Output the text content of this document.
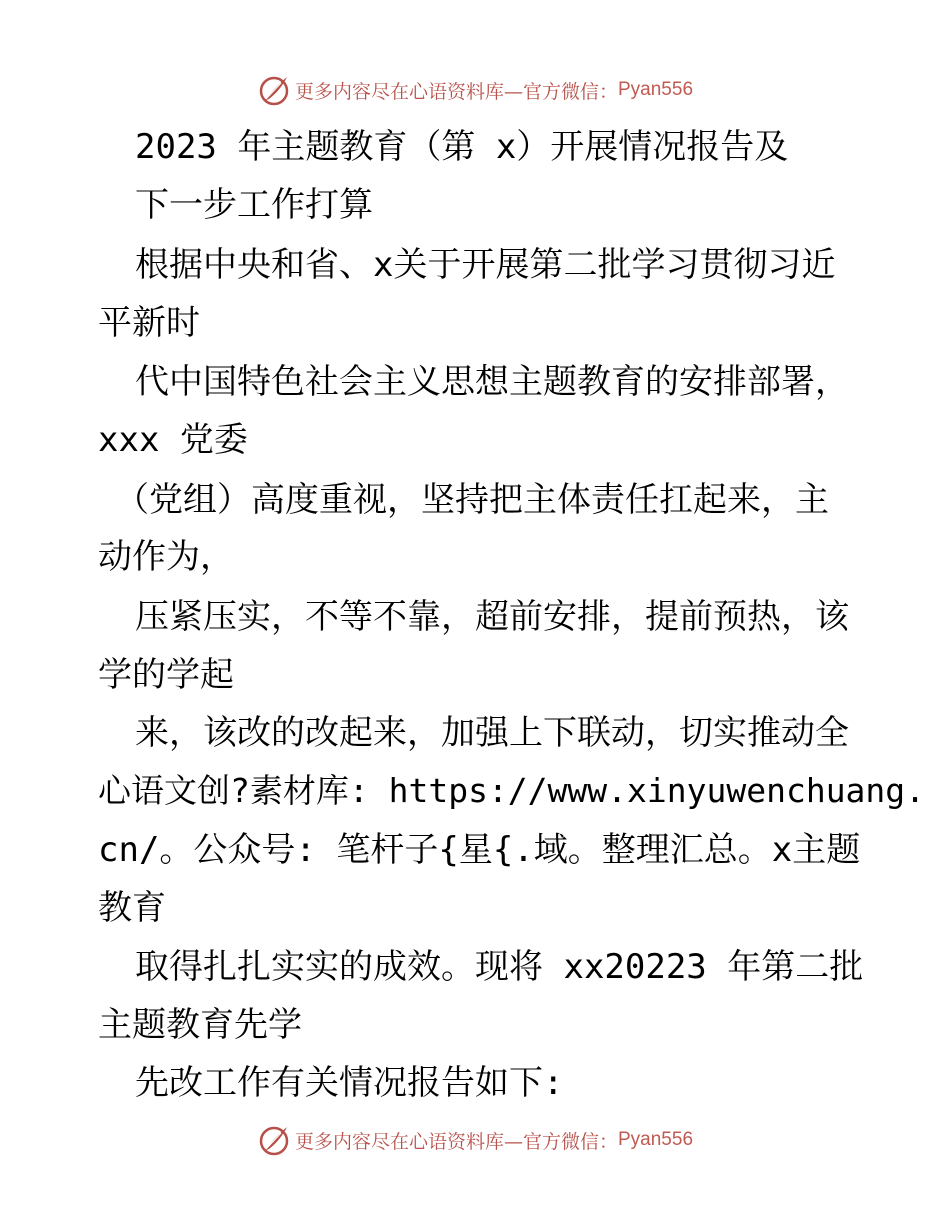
更多内容尽在心语资料库—官方微信： Pyan556
2023 年主题教育（第 x）开展情况报告及
下一步工作打算
根据中央和省、x关于开展第二批学习贯彻习近
平新时
代中国特色社会主义思想主题教育的安排部署，
xxx 党委
（党组）高度重视，坚持把主体责任扛起来，主
动作为，
压紧压实，不等不靠，超前安排，提前预热，该
学的学起
来，该改的改起来，加强上下联动，切实推动全
心语文创?素材库: https://www.xinyuwenchuang.
cn/。公众号: 笔杆子{星{.域。整理汇总。x主题
教育
取得扎扎实实的成效。现将 xx20223 年第二批
主题教育先学
先改工作有关情况报告如下:
更多内容尽在心语资料库—官方微信： Pyan556
